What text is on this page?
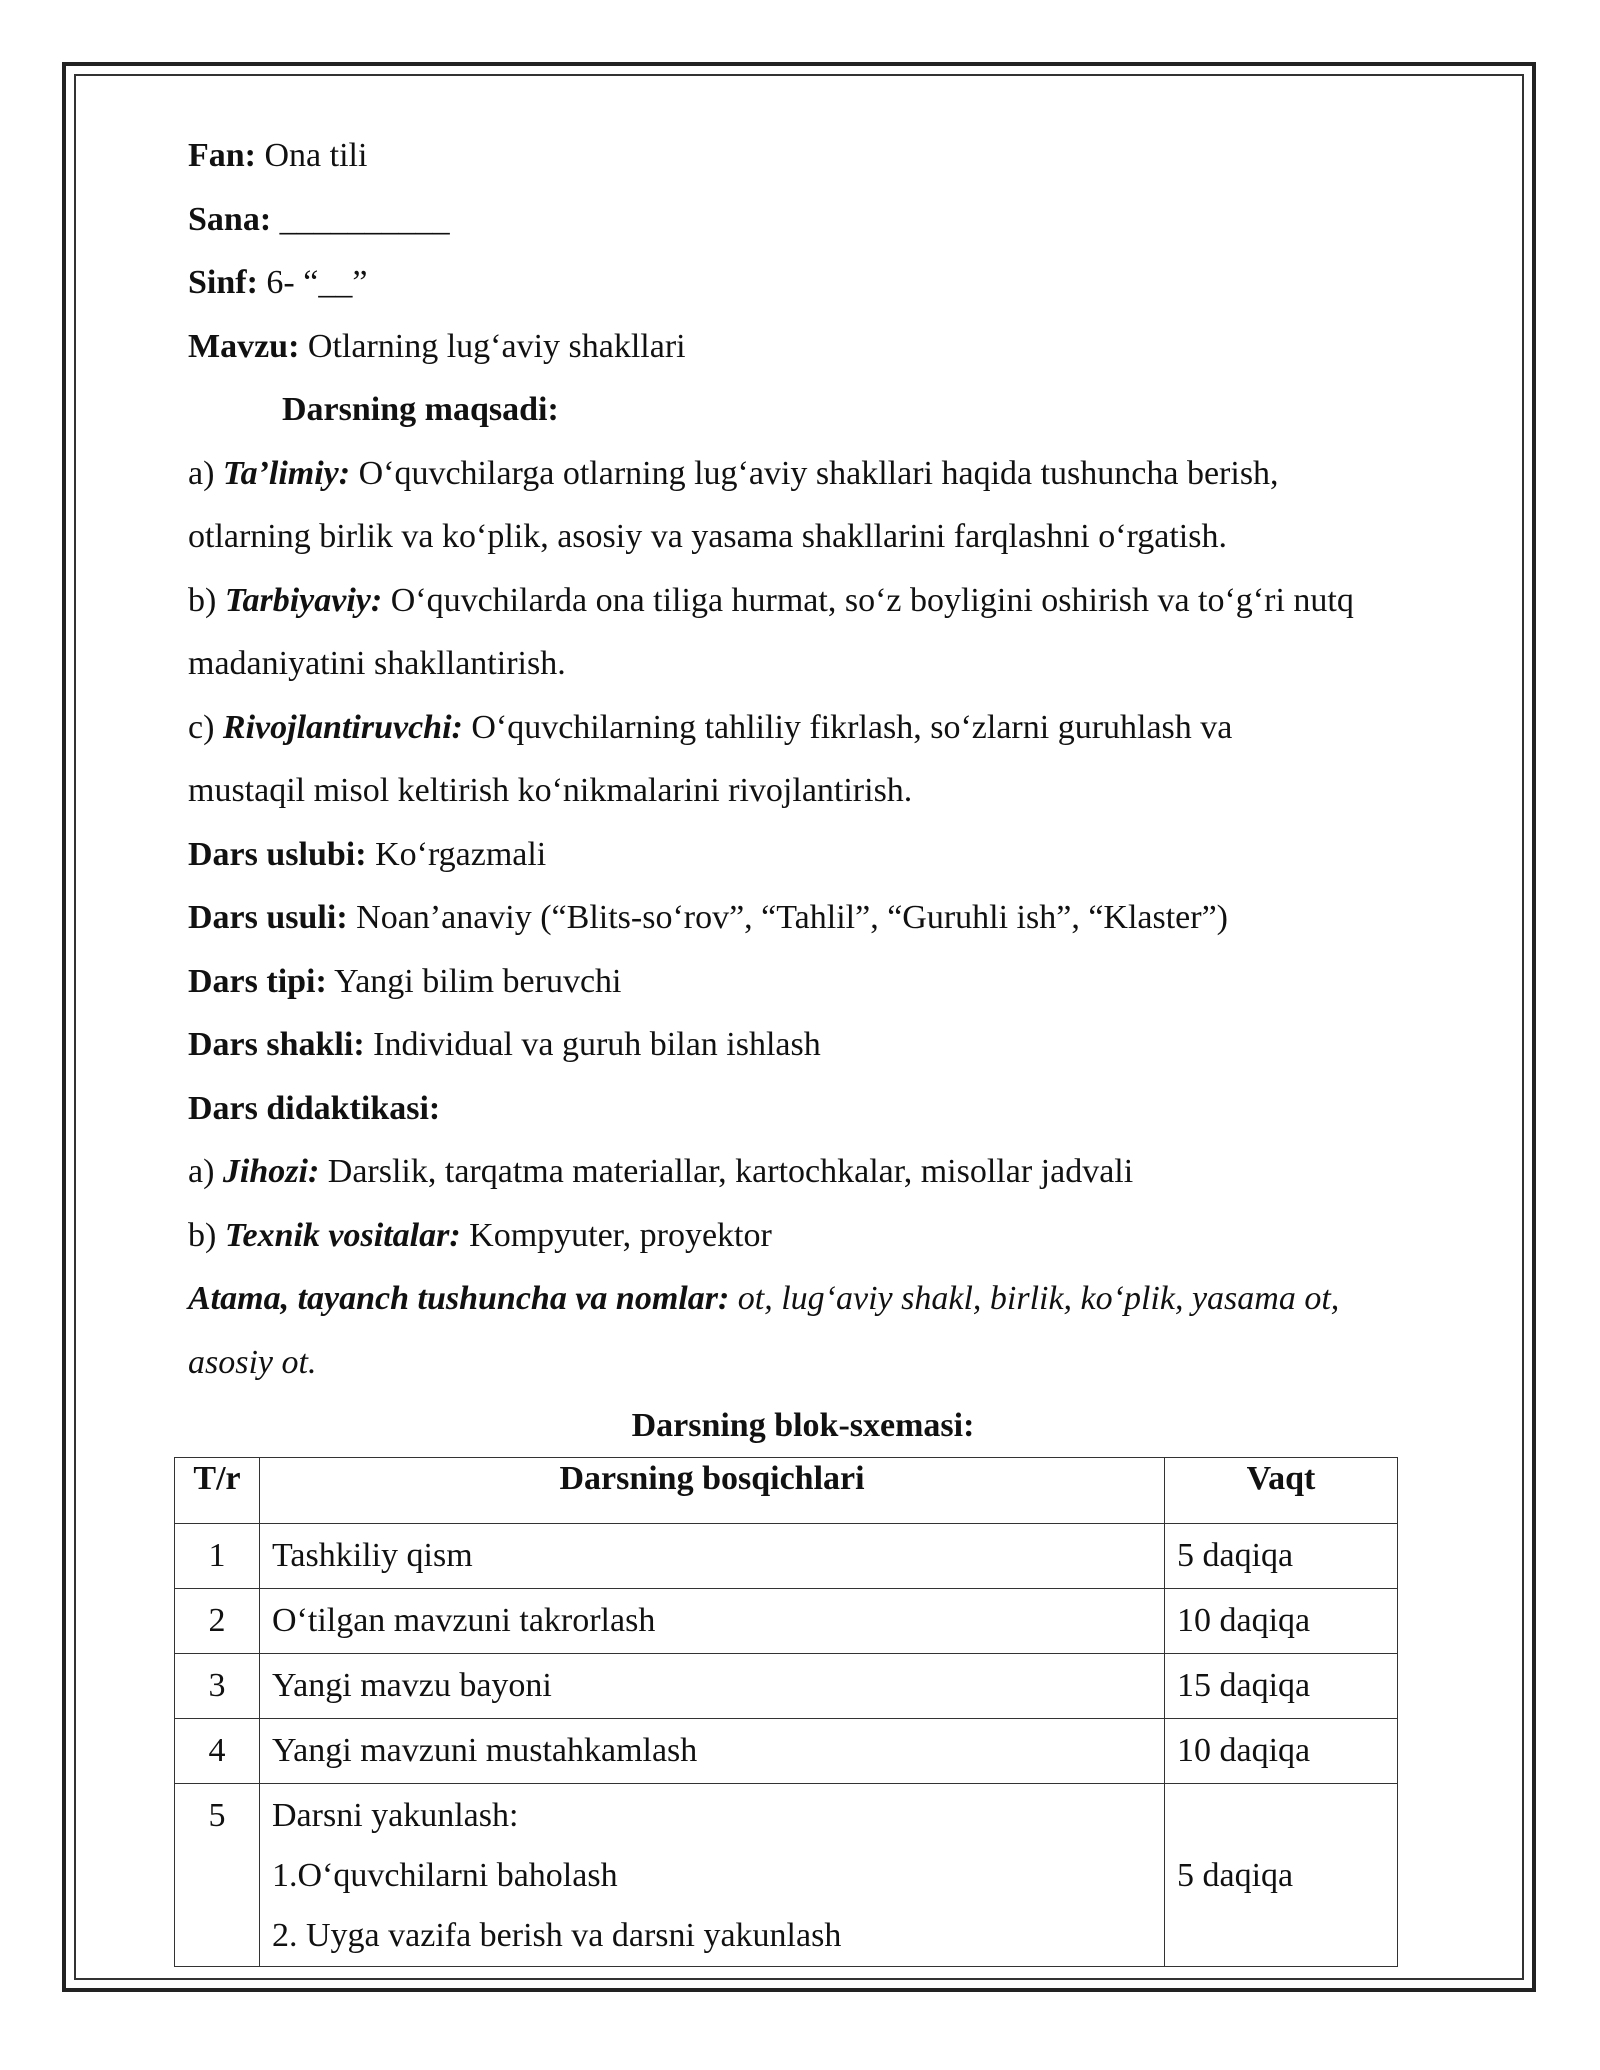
Fan: Ona tili
Sana: __________
Sinf: 6- “__”
Mavzu: Otlarning lug‘aviy shakllari
Darsning maqsadi:
a) Ta’limiy: O‘quvchilarga otlarning lug‘aviy shakllari haqida tushuncha berish,
otlarning birlik va ko‘plik, asosiy va yasama shakllarini farqlashni o‘rgatish.
b) Tarbiyaviy: O‘quvchilarda ona tiliga hurmat, so‘z boyligini oshirish va to‘g‘ri nutq
madaniyatini shakllantirish.
c) Rivojlantiruvchi: O‘quvchilarning tahliliy fikrlash, so‘zlarni guruhlash va
mustaqil misol keltirish ko‘nikmalarini rivojlantirish.
Dars uslubi: Ko‘rgazmali
Dars usuli: Noan’anaviy (“Blits-so‘rov”, “Tahlil”, “Guruhli ish”, “Klaster”)
Dars tipi: Yangi bilim beruvchi
Dars shakli: Individual va guruh bilan ishlash
Dars didaktikasi:
a) Jihozi: Darslik, tarqatma materiallar, kartochkalar, misollar jadvali
b) Texnik vositalar: Kompyuter, proyektor
Atama, tayanch tushuncha va nomlar: ot, lug‘aviy shakl, birlik, ko‘plik, yasama ot,
asosiy ot.
Darsning blok-sxemasi:
T/r	Darsning bosqichlari	Vaqt
1	Tashkiliy qism	5 daqiqa
2	O‘tilgan mavzuni takrorlash	10 daqiqa
3	Yangi mavzu bayoni	15 daqiqa
4	Yangi mavzuni mustahkamlash	10 daqiqa
5	Darsni yakunlash:
1.O‘quvchilarni baholash
2. Uyga vazifa berish va darsni yakunlash	5 daqiqa
